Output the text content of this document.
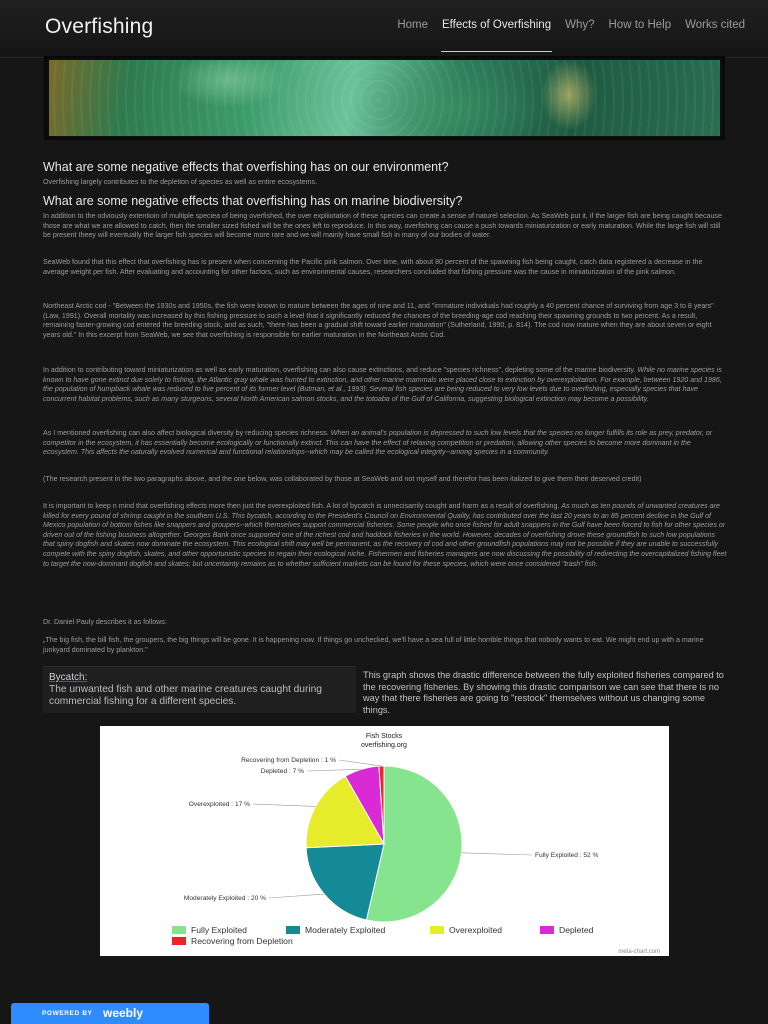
Overfishing	Home	Effects of Overfishing	Why?	How to Help	Works cited
What are some negative effects that overfishing has on our environment?

Overfishing largely contributes to the depletion of species as well as entire ecosystems.

What are some negative effects that overfishing has on marine biodiversity?

In addition to the odviously extentioin of multiple speciea of being overfished, the over expliiotation of these species can create a sense of naturel selection. As SeaWeb put it, if the larger fish are being caught because those are what we are allowed to catch, then the smaller sized fished will be the ones left to reproduce. In this way, overfishing can cause a push towards miniaturization or early maturation. While the large fish will still be present theey will eventually the larger fish species will become more rare and we will mainly have small fish in many of our bodies of water.

SeaWeb found that this effect that overfishing has is present when concerning the Pacific pink salmon. Over time, with about 80 percent of the spawning fish being caught, catch data registered a decrease in the average weight per fish. After evaluating and accounting for other factors, such as environmental causes, researchers concluded that fishing pressure was the cause in miniaturization of the pink salmon.

Northeast Arctic cod - "Between the 1930s and 1950s, the fish were known to mature between the ages of nine and 11, and "immature individuals had roughly a 40 percent chance of surviving from age 3 to 8 years" (Law, 1991). Overall mortality was increased by this fishing pressure to such a level that it significantly reduced the chances of the breeding-age cod reaching their spawning grounds to two percent. As a result, remaining faster-growing cod entered the breeding stock, and as such, "there has been a gradual shift toward earlier maturation" (Sutherland, 1990, p. 814). The cod now mature when they are about seven or eight years old." In this excerpt from SeaWeb, we see that overfishing is responsible for earlier maturation in the Northeast Arctic Cod.

In addition to contributing toward miniaturization as well as early maturation, overfishing can also cause extinctions, and reduce "species richness", depleting some of the marine biodiversity. While no marine species is known to have gone extinct due solely to fishing, the Atlantic gray whale was hunted to extinction, and other marine mammals were placed close to extinction by overexploitation. For example, between 1920 and 1986, the population of humpback whale was reduced to five percent of its former level (Butman, et al., 1993). Several fish species are being reduced to very low levels due to overfishing, especially species that have concurrent habitat problems, such as many sturgeons, several North American salmon stocks, and the totoaba of the Gulf of California, suggesting biological extinction may become a possibility.

As I mentioned overfishing can also affect biological diversity by reducing species richness. When an animal's population is depressed to such low levels that the species no longer fulfills its role as prey, predator, or competitor in the ecosystem, it has essentially become ecologically or functionally extinct. This can have the effect of relaxing competition or predation, allowing other species to become more dominant in the ecosystem. This affects the naturally evolved numerical and functional relationships--which may be called the ecological integrity--among species in a community.

(The research present in the two paragraphs above, and the one below, was collaborated by those at SeaWeb and not myself and therefor has been italized to give them their deserved credit)

It is important to keep n mind that overfishing effects more then just the overexploited fish. A lot of bycatch is unnecisarrily cought and harm as a result of overfishing. As much as ten pounds of unwanted creatures are killed for every pound of shrimp caught in the southern U.S. This bycatch, according to the President's Council on Environmental Quality, has contributed over the last 20 years to an 85 percent decline in the Gulf of Mexico population of bottom fishes like snappers and groupers--which themselves support commercial fisheries. Some people who once fished for adult snappers in the Gulf have been forced to fish for other species or driven out of the fishing business altogether. Georges Bank once supported one of the richest cod and haddock fisheries in the world. However, decades of overfishing drove these groundfish to such low populations that spiny dogfish and skates now dominate the ecosystem. This ecological shift may well be permanent, as the recovery of cod and other groundfish populations may not be possible if they are unable to successfully compete with the spiny dogfish, skates, and other opportunistic species to regain their ecological niche. Fishermen and fisheries managers are now discussing the possibility of redirecting the overcapitalized fishing fleet to target the now-dominant dogfish and skates; but uncertainty remains as to whether sufficient markets can be found for these species, which were once considered "trash" fish.

Dr. Daniel Pauly describes it as follows:

„The big fish, the bill fish, the groupers, the big things will be gone. It is happening now. If things go unchecked, we'll have a sea full of little horrible things that nobody wants to eat. We might end up with a marine junkyard dominated by plankton."

Bycatch:
The unwanted fish and other marine creatures caught during commercial fishing for a different species.
This graph shows the drastic difference between the fully exploited fisheries compared to the recovering fisheries. By showing this drastic comparison we can see that there is no way that there fisheries are going to "restock" themselves without us changing some things.
Fish Stocks
overfishing.org
meta-chart.com
Fully Exploited : 52 %
Moderately Exploited : 20 %
Overexploited : 17 %
Depleted : 7 %
Recovering from Depletion : 1 %
Fully Exploited	Moderately Exploited	Overexploited	Depleted
Recovering from Depletion
POWERED BY weebly
